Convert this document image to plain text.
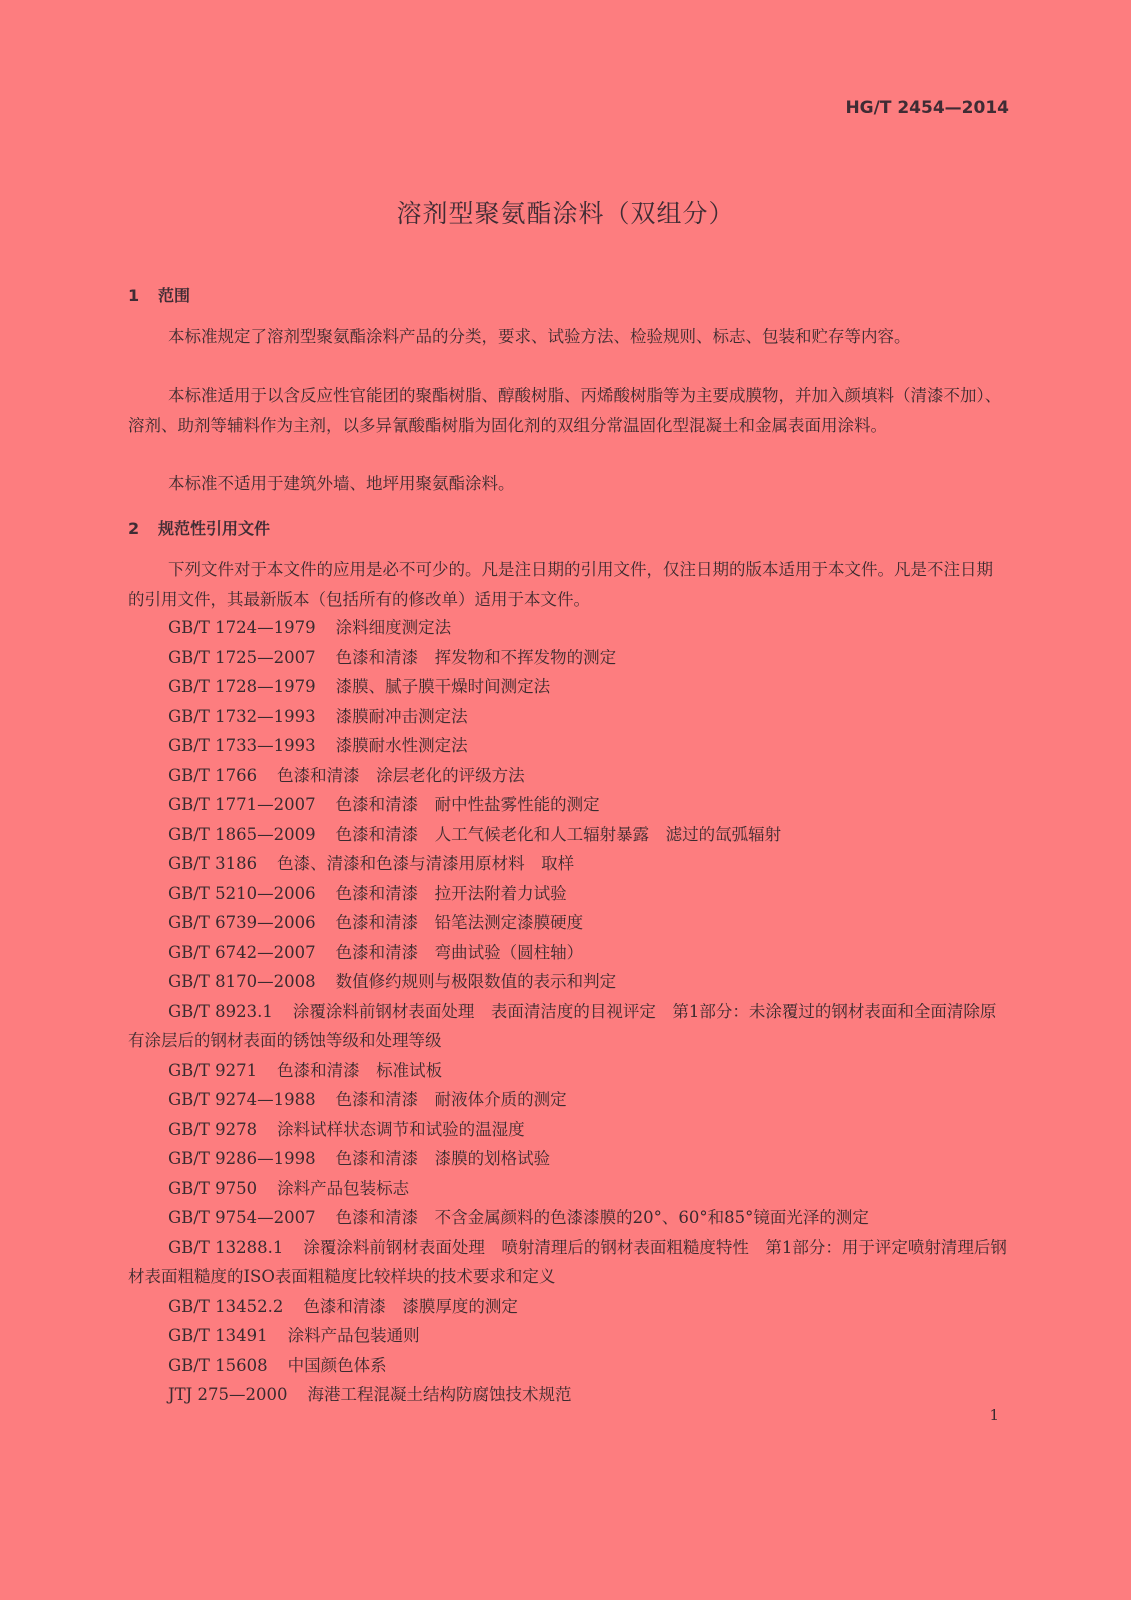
HG/T 2454—2014
溶剂型聚氨酯涂料（双组分）
1 范围

本标准规定了溶剂型聚氨酯涂料产品的分类，要求、试验方法、检验规则、标志、包装和贮存等内容。

本标准适用于以含反应性官能团的聚酯树脂、醇酸树脂、丙烯酸树脂等为主要成膜物，并加入颜填料（清漆不加）、溶剂、助剂等辅料作为主剂，以多异氰酸酯树脂为固化剂的双组分常温固化型混凝土和金属表面用涂料。

本标准不适用于建筑外墙、地坪用聚氨酯涂料。

2 规范性引用文件

下列文件对于本文件的应用是必不可少的。凡是注日期的引用文件，仅注日期的版本适用于本文件。凡是不注日期的引用文件，其最新版本（包括所有的修改单）适用于本文件。

GB/T 1724—1979 涂料细度测定法
GB/T 1725—2007 色漆和清漆　挥发物和不挥发物的测定
GB/T 1728—1979 漆膜、腻子膜干燥时间测定法
GB/T 1732—1993 漆膜耐冲击测定法
GB/T 1733—1993 漆膜耐水性测定法
GB/T 1766 色漆和清漆　涂层老化的评级方法
GB/T 1771—2007 色漆和清漆　耐中性盐雾性能的测定
GB/T 1865—2009 色漆和清漆　人工气候老化和人工辐射暴露　滤过的氙弧辐射
GB/T 3186 色漆、清漆和色漆与清漆用原材料　取样
GB/T 5210—2006 色漆和清漆　拉开法附着力试验
GB/T 6739—2006 色漆和清漆　铅笔法测定漆膜硬度
GB/T 6742—2007 色漆和清漆　弯曲试验（圆柱轴）
GB/T 8170—2008 数值修约规则与极限数值的表示和判定
GB/T 8923.1 涂覆涂料前钢材表面处理　表面清洁度的目视评定　第1部分：未涂覆过的钢材表面和全面清除原有涂层后的钢材表面的锈蚀等级和处理等级
GB/T 9271 色漆和清漆　标准试板
GB/T 9274—1988 色漆和清漆　耐液体介质的测定
GB/T 9278 涂料试样状态调节和试验的温湿度
GB/T 9286—1998 色漆和清漆　漆膜的划格试验
GB/T 9750 涂料产品包装标志
GB/T 9754—2007 色漆和清漆　不含金属颜料的色漆漆膜的20°、60°和85°镜面光泽的测定
GB/T 13288.1 涂覆涂料前钢材表面处理　喷射清理后的钢材表面粗糙度特性　第1部分：用于评定喷射清理后钢材表面粗糙度的ISO表面粗糙度比较样块的技术要求和定义
GB/T 13452.2 色漆和清漆　漆膜厚度的测定
GB/T 13491 涂料产品包装通则
GB/T 15608 中国颜色体系
JTJ 275—2000 海港工程混凝土结构防腐蚀技术规范
1
